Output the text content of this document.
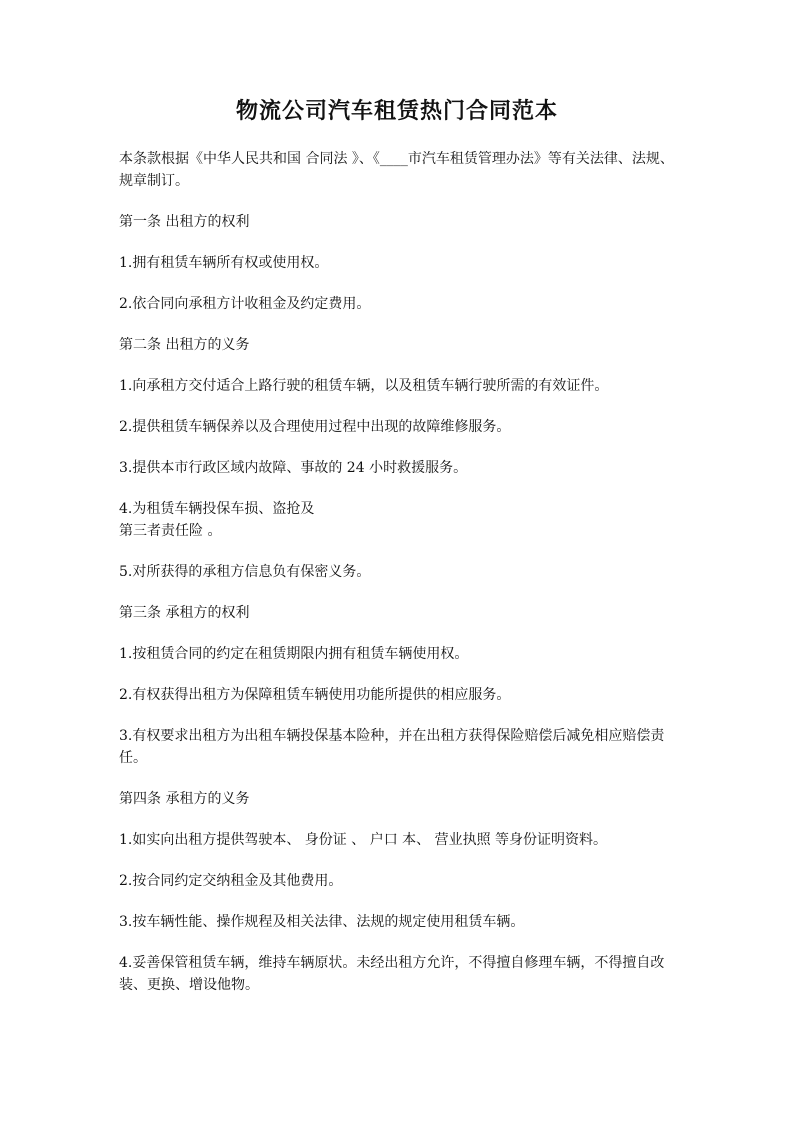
物流公司汽车租赁热门合同范本

本条款根据《中华人民共和国 合同法 》、《____市汽车租赁管理办法》等有关法律、法规、规章制订。

第一条 出租方的权利

1.拥有租赁车辆所有权或使用权。

2.依合同向承租方计收租金及约定费用。

第二条 出租方的义务

1.向承租方交付适合上路行驶的租赁车辆，以及租赁车辆行驶所需的有效证件。

2.提供租赁车辆保养以及合理使用过程中出现的故障维修服务。

3.提供本市行政区域内故障、事故的 24 小时救援服务。

4.为租赁车辆投保车损、盗抢及

第三者责任险 。

5.对所获得的承租方信息负有保密义务。

第三条 承租方的权利

1.按租赁合同的约定在租赁期限内拥有租赁车辆使用权。

2.有权获得出租方为保障租赁车辆使用功能所提供的相应服务。

3.有权要求出租方为出租车辆投保基本险种，并在出租方获得保险赔偿后减免相应赔偿责任。

第四条 承租方的义务

1.如实向出租方提供驾驶本、 身份证 、 户口 本、 营业执照 等身份证明资料。

2.按合同约定交纳租金及其他费用。

3.按车辆性能、操作规程及相关法律、法规的规定使用租赁车辆。

4.妥善保管租赁车辆，维持车辆原状。未经出租方允许，不得擅自修理车辆，不得擅自改装、更换、增设他物。
